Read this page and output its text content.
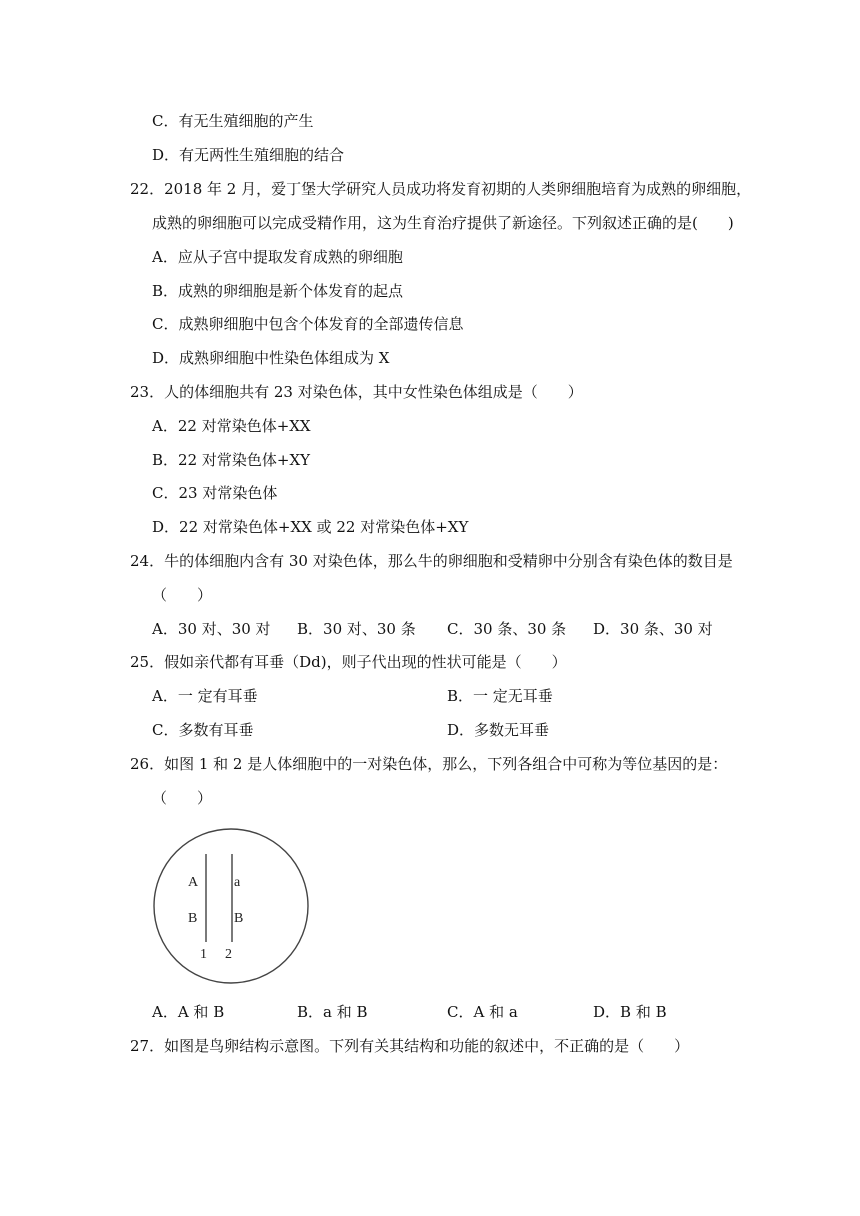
C．有无生殖细胞的产生
D．有无两性生殖细胞的结合
22．2018 年 2 月，爱丁堡大学研究人员成功将发育初期的人类卵细胞培育为成熟的卵细胞，
成熟的卵细胞可以完成受精作用，这为生育治疗提供了新途径。下列叙述正确的是(　　)
A．应从子宫中提取发育成熟的卵细胞
B．成熟的卵细胞是新个体发育的起点
C．成熟卵细胞中包含个体发育的全部遗传信息
D．成熟卵细胞中性染色体组成为 X
23．人的体细胞共有 23 对染色体，其中女性染色体组成是（　　）
A．22 对常染色体+XX
B．22 对常染色体+XY
C．23 对常染色体
D．22 对常染色体+XX 或 22 对常染色体+XY
24．牛的体细胞内含有 30 对染色体，那么牛的卵细胞和受精卵中分别含有染色体的数目是
（　　）
A．30 对、30 对 B．30 对、30 条 C．30 条、30 条 D．30 条、30 对
25．假如亲代都有耳垂（Dd)，则子代出现的性状可能是（　　）
A．一 定有耳垂	B．一 定无耳垂
C．多数有耳垂	D．多数无耳垂
26．如图 1 和 2 是人体细胞中的一对染色体，那么，下列各组合中可称为等位基因的是：
（　　）
A	a
B	B
1 2
A．A 和 B	B．a 和 B	C．A 和 a	D．B 和 B
27．如图是鸟卵结构示意图。下列有关其结构和功能的叙述中，不正确的是（　　）
